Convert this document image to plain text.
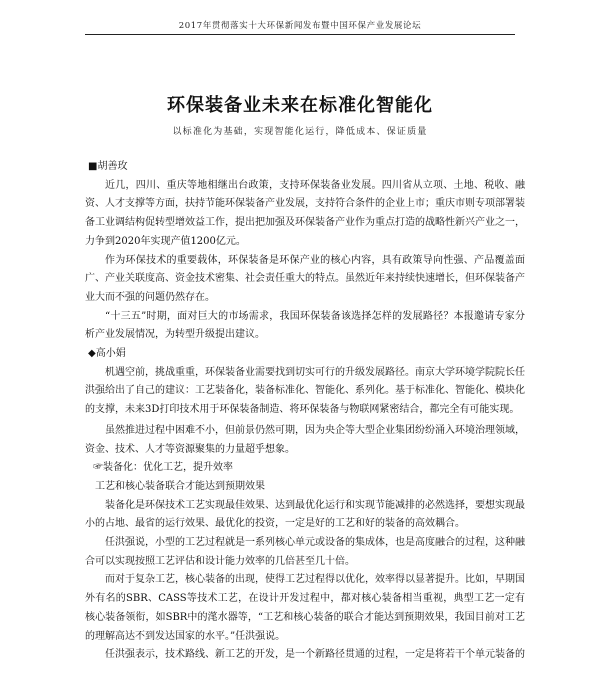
2017年贯彻落实十大环保新闻发布暨中国环保产业发展论坛
环保装备业未来在标准化智能化
以标准化为基础，实现智能化运行，降低成本、保证质量

■胡善玫

近几，四川、重庆等地相继出台政策，支持环保装备业发展。四川省从立项、土地、税收、融资、人才支撑等方面，扶持节能环保装备产业发展，支持符合条件的企业上市；重庆市则专项部署装备工业调结构促转型增效益工作，提出把加强及环保装备产业作为重点打造的战略性新兴产业之一，力争到2020年实现产值1200亿元。

作为环保技术的重要载体，环保装备是环保产业的核心内容，具有政策导向性强、产品覆盖面广、产业关联度高、资金技术密集、社会责任重大的特点。虽然近年来持续快速增长，但环保装备产业大而不强的问题仍然存在。

“十三五”时期，面对巨大的市场需求，我国环保装备该选择怎样的发展路径？本报邀请专家分析产业发展情况，为转型升级提出建议。

◆高小娟

机遇空前，挑战重重，环保装备业需要找到切实可行的升级发展路径。南京大学环境学院院长任洪强给出了自己的建议：工艺装备化，装备标准化、智能化、系列化。基于标准化、智能化、模块化的支撑，未来3D打印技术用于环保装备制造、将环保装备与物联网紧密结合，都完全有可能实现。

虽然推进过程中困难不小，但前景仍然可期，因为央企等大型企业集团纷纷涌入环境治理领域，资金、技术、人才等资源聚集的力量超乎想象。

☞装备化：优化工艺，提升效率

工艺和核心装备联合才能达到预期效果

装备化是环保技术工艺实现最佳效果、达到最优化运行和实现节能减排的必然选择，要想实现最小的占地、最省的运行效果、最优化的投资，一定是好的工艺和好的装备的高效耦合。

任洪强说，小型的工艺过程就是一系列核心单元或设备的集成体，也是高度融合的过程，这种融合可以实现按照工艺评估和设计能力效率的几倍甚至几十倍。

而对于复杂工艺，核心装备的出现，使得工艺过程得以优化，效率得以显著提升。比如，早期国外有名的SBR、CASS等技术工艺，在设计开发过程中，都对核心装备相当重视，典型工艺一定有核心装备领衔，如SBR中的滗水器等，“工艺和核心装备的联合才能达到预期效果，我国目前对工艺的理解高达不到发达国家的水平。”任洪强说。

任洪强表示，技术路线、新工艺的开发，是一个新路径贯通的过程，一定是将若干个单元装备的
